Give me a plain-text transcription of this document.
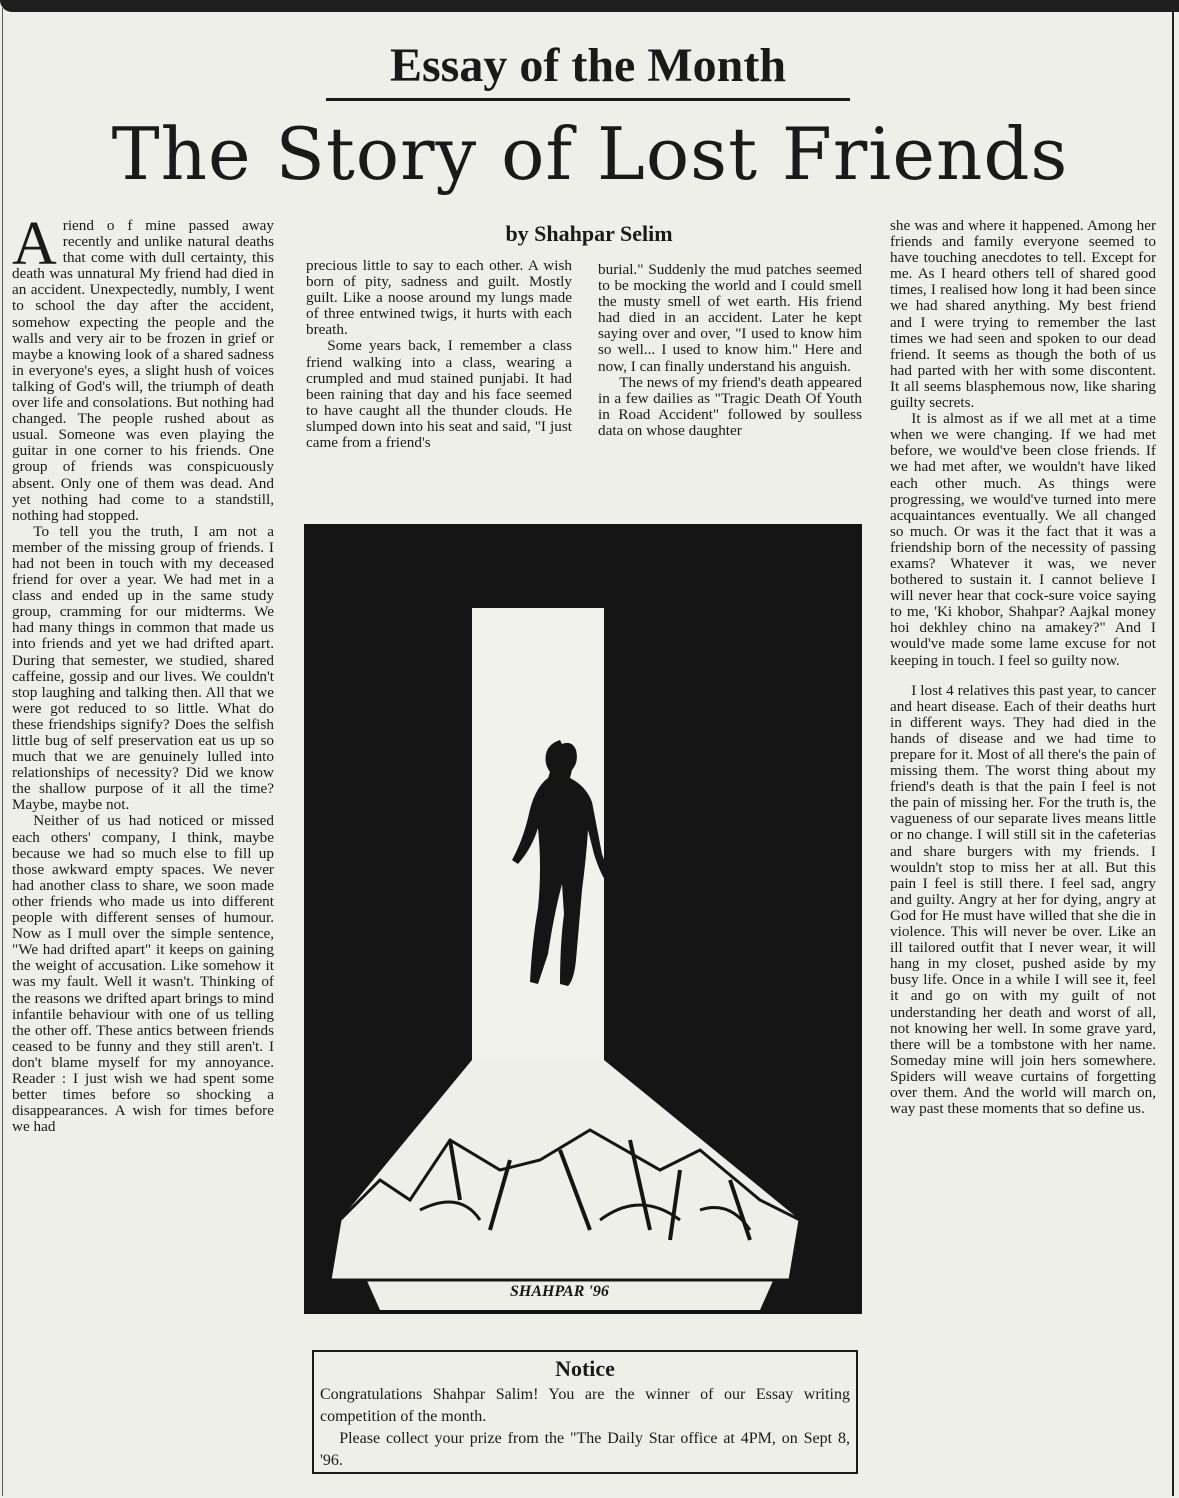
Essay of the Month
The Story of Lost Friends
by Shahpar Selim

Ariend o f mine passed away recently and unlike natural deaths that come with dull certainty, this death was unnatural My friend had died in an accident. Unexpectedly, numbly, I went to school the day after the accident, somehow expecting the people and the walls and very air to be frozen in grief or maybe a knowing look of a shared sadness in everyone's eyes, a slight hush of voices talking of God's will, the triumph of death over life and consolations. But nothing had changed. The people rushed about as usual. Someone was even playing the guitar in one corner to his friends. One group of friends was conspicuously absent. Only one of them was dead. And yet nothing had come to a standstill, nothing had stopped.

To tell you the truth, I am not a member of the missing group of friends. I had not been in touch with my deceased friend for over a year. We had met in a class and ended up in the same study group, cramming for our midterms. We had many things in common that made us into friends and yet we had drifted apart. During that semester, we studied, shared caffeine, gossip and our lives. We couldn't stop laughing and talking then. All that we were got reduced to so little. What do these friendships signify? Does the selfish little bug of self preservation eat us up so much that we are genuinely lulled into relationships of necessity? Did we know the shallow purpose of it all the time? Maybe, maybe not.

Neither of us had noticed or missed each others' company, I think, maybe because we had so much else to fill up those awkward empty spaces. We never had another class to share, we soon made other friends who made us into different people with different senses of humour. Now as I mull over the simple sentence, "We had drifted apart" it keeps on gaining the weight of accusation. Like somehow it was my fault. Well it wasn't. Thinking of the reasons we drifted apart brings to mind infantile behaviour with one of us telling the other off. These antics between friends ceased to be funny and they still aren't. I don't blame myself for my annoyance. Reader : I just wish we had spent some better times before so shocking a disappearances. A wish for times before we had

precious little to say to each other. A wish born of pity, sadness and guilt. Mostly guilt. Like a noose around my lungs made of three entwined twigs, it hurts with each breath.

Some years back, I remember a class friend walking into a class, wearing a crumpled and mud stained punjabi. It had been raining that day and his face seemed to have caught all the thunder clouds. He slumped down into his seat and said, "I just came from a friend's

burial." Suddenly the mud patches seemed to be mocking the world and I could smell the musty smell of wet earth. His friend had died in an accident. Later he kept saying over and over, "I used to know him so well... I used to know him." Here and now, I can finally understand his anguish.

The news of my friend's death appeared in a few dailies as "Tragic Death Of Youth in Road Accident" followed by soulless data on whose daughter

she was and where it happened. Among her friends and family everyone seemed to have touching anecdotes to tell. Except for me. As I heard others tell of shared good times, I realised how long it had been since we had shared anything. My best friend and I were trying to remember the last times we had seen and spoken to our dead friend. It seems as though the both of us had parted with her with some discontent. It all seems blasphemous now, like sharing guilty secrets.

It is almost as if we all met at a time when we were changing. If we had met before, we would've been close friends. If we had met after, we wouldn't have liked each other much. As things were progressing, we would've turned into mere acquaintances eventually. We all changed so much. Or was it the fact that it was a friendship born of the necessity of passing exams? Whatever it was, we never bothered to sustain it. I cannot believe I will never hear that cock-sure voice saying to me, 'Ki khobor, Shahpar? Aajkal money hoi dekhley chino na amakey?" And I would've made some lame excuse for not keeping in touch. I feel so guilty now.

I lost 4 relatives this past year, to cancer and heart disease. Each of their deaths hurt in different ways. They had died in the hands of disease and we had time to prepare for it. Most of all there's the pain of missing them. The worst thing about my friend's death is that the pain I feel is not the pain of missing her. For the truth is, the vagueness of our separate lives means little or no change. I will still sit in the cafeterias and share burgers with my friends. I wouldn't stop to miss her at all. But this pain I feel is still there. I feel sad, angry and guilty. Angry at her for dying, angry at God for He must have willed that she die in violence. This will never be over. Like an ill tailored outfit that I never wear, it will hang in my closet, pushed aside by my busy life. Once in a while I will see it, feel it and go on with my guilt of not understanding her death and worst of all, not knowing her well. In some grave yard, there will be a tombstone with her name. Someday mine will join hers somewhere. Spiders will weave curtains of forgetting over them. And the world will march on, way past these moments that so define us.

SHAHPAR '96
Notice

Congratulations Shahpar Salim! You are the winner of our Essay writing competition of the month.

Please collect your prize from the "The Daily Star office at 4PM, on Sept 8, '96.
